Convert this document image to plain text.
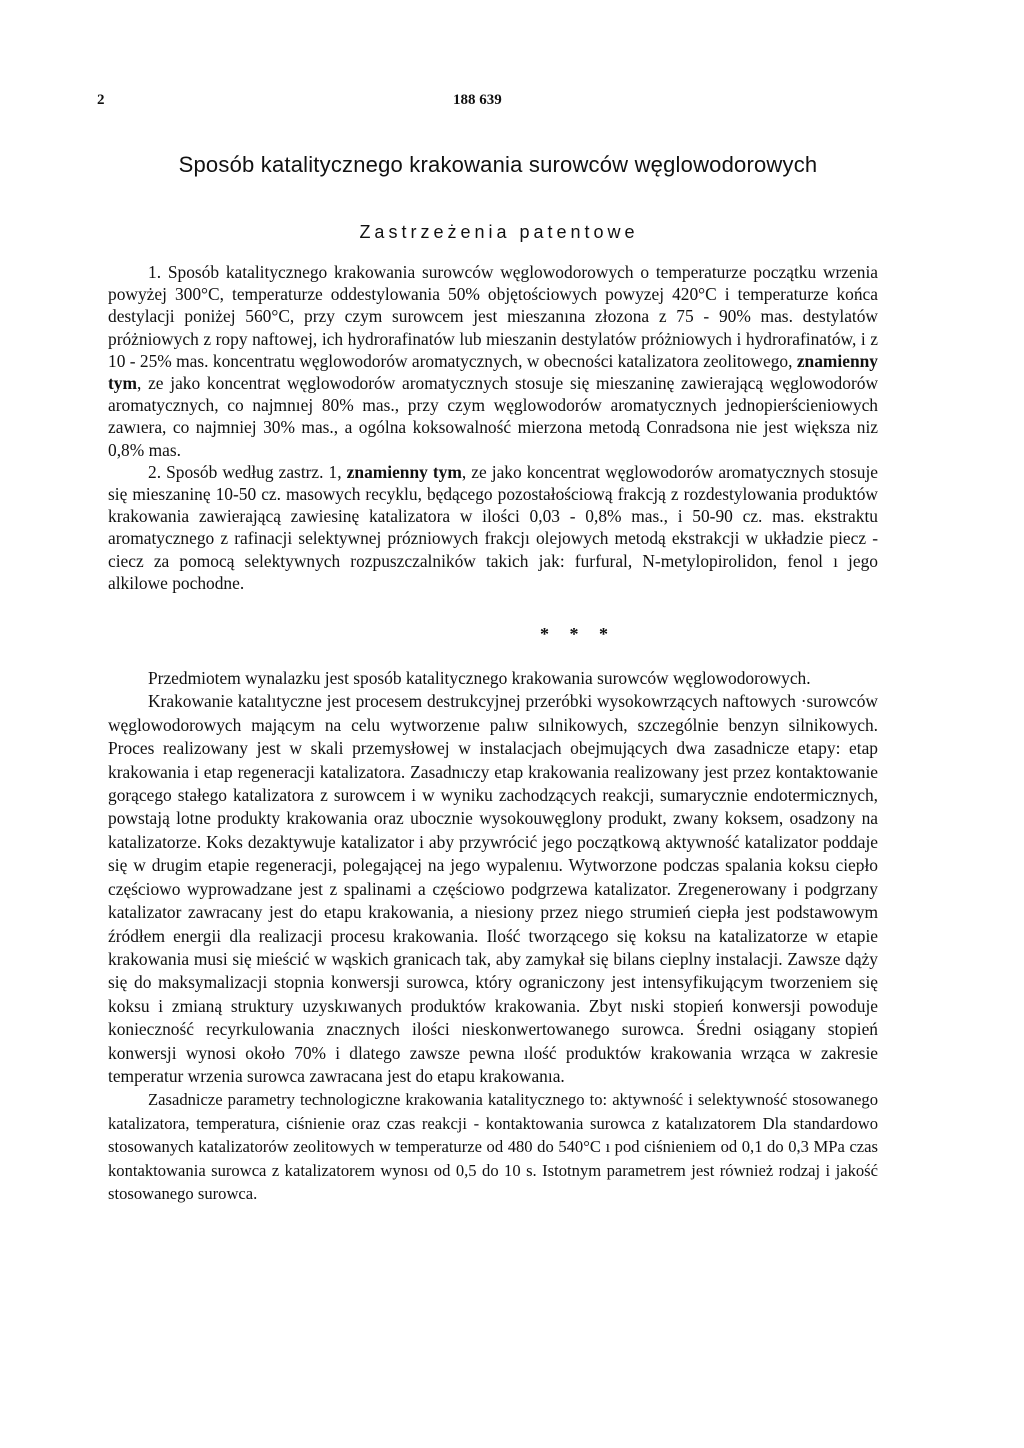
2	188 639
Sposób katalitycznego krakowania surowców węglowodorowych
Zastrzeżenia patentowe

1. Sposób katalitycznego krakowania surowców węglowodorowych o temperaturze początku wrzenia powyżej 300°C, temperaturze oddestylowania 50% objętościowych powyzej 420°C i temperaturze końca destylacji poniżej 560°C, przy czym surowcem jest mieszanına złozona z 75 - 90% mas. destylatów próżniowych z ropy naftowej, ich hydrorafinatów lub mieszanin destylatów próżniowych i hydrorafinatów, i z 10 - 25% mas. koncentratu węglowodorów aromatycznych, w obecności katalizatora zeolitowego, znamienny tym, ze jako koncentrat węglowodorów aromatycznych stosuje się mieszaninę zawierającą węglowodorów aromatycznych, co najmnıej 80% mas., przy czym węglowodorów aromatycznych jednopierścieniowych zawıera, co najmniej 30% mas., a ogólna koksowalność mierzona metodą Conradsona nie jest większa niz 0,8% mas.

2. Sposób według zastrz. 1, znamienny tym, ze jako koncentrat węglowodorów aromatycznych stosuje się mieszaninę 10-50 cz. masowych recyklu, będącego pozostałościową frakcją z rozdestylowania produktów krakowania zawierającą zawiesinę katalizatora w ilości 0,03 - 0,8% mas., i 50-90 cz. mas. ekstraktu aromatycznego z rafinacji selektywnej prózniowych frakcjı olejowych metodą ekstrakcji w układzie piecz - ciecz za pomocą selektywnych rozpuszczalników takich jak: furfural, N-metylopirolidon, fenol ı jego alkilowe pochodne.

* * *

Przedmiotem wynalazku jest sposób katalitycznego krakowania surowców węglowodorowych.

Krakowanie katalıtyczne jest procesem destrukcyjnej przeróbki wysokowrzących naftowych ·surowców węglowodorowych mającym na celu wytworzenıe palıw sılnikowych, szczególnie benzyn silnikowych. Proces realizowany jest w skali przemysłowej w instalacjach obejmujących dwa zasadnicze etapy: etap krakowania i etap regeneracji katalizatora. Zasadnıczy etap krakowania realizowany jest przez kontaktowanie gorącego stałego katalizatora z surowcem i w wyniku zachodzących reakcji, sumarycznie endotermicznych, powstają lotne produkty krakowania oraz ubocznie wysokouwęglony produkt, zwany koksem, osadzony na katalizatorze. Koks dezaktywuje katalizator i aby przywrócić jego początkową aktywność katalizator poddaje się w drugim etapie regeneracji, polegającej na jego wypalenıu. Wytworzone podczas spalania koksu ciepło częściowo wyprowadzane jest z spalinami a częściowo podgrzewa katalizator. Zregenerowany i podgrzany katalizator zawracany jest do etapu krakowania, a niesiony przez niego strumień ciepła jest podstawowym źródłem energii dla realizacji procesu krakowania. Ilość tworzącego się koksu na katalizatorze w etapie krakowania musi się mieścić w wąskich granicach tak, aby zamykał się bilans cieplny instalacji. Zawsze dąży się do maksymalizacji stopnia konwersji surowca, który ograniczony jest intensyfikującym tworzeniem się koksu i zmianą struktury uzyskıwanych produktów krakowania. Zbyt nıski stopień konwersji powoduje konieczność recyrkulowania znacznych ilości nieskonwertowanego surowca. Średni osiągany stopień konwersji wynosi około 70% i dlatego zawsze pewna ılość produktów krakowania wrząca w zakresie temperatur wrzenia surowca zawracana jest do etapu krakowanıa.

Zasadnicze parametry technologiczne krakowania katalitycznego to: aktywność i selektywność stosowanego katalizatora, temperatura, ciśnienie oraz czas reakcji - kontaktowania surowca z katalızatorem Dla standardowo stosowanych katalizatorów zeolitowych w temperaturze od 480 do 540°C ı pod ciśnieniem od 0,1 do 0,3 MPa czas kontaktowania surowca z katalizatorem wynosı od 0,5 do 10 s. Istotnym parametrem jest również rodzaj i jakość stosowanego surowca.
